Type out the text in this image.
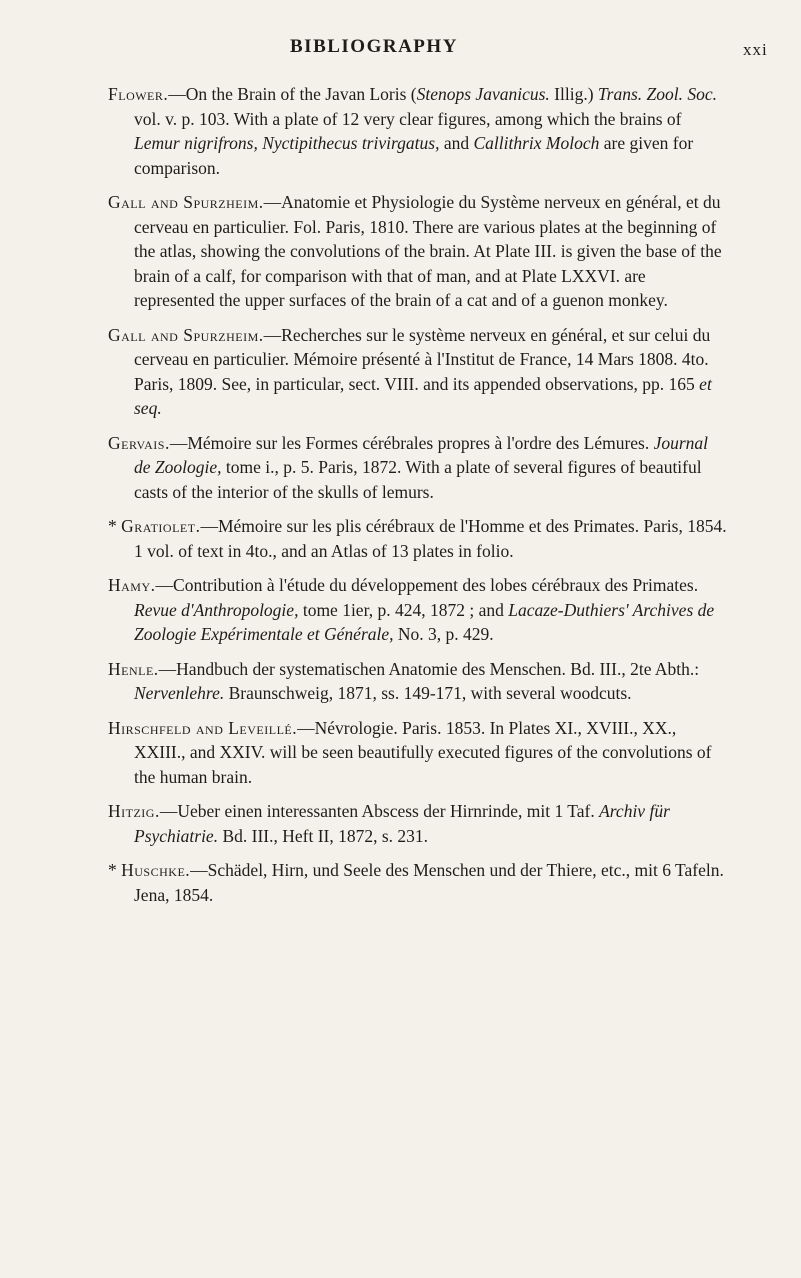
BIBLIOGRAPHY	xxi

Flower.—On the Brain of the Javan Loris (Stenops Javanicus. Illig.) Trans. Zool. Soc. vol. v. p. 103. With a plate of 12 very clear figures, among which the brains of Lemur nigrifrons, Nyctipithecus trivirgatus, and Callithrix Moloch are given for comparison.

Gall and Spurzheim.—Anatomie et Physiologie du Système nerveux en général, et du cerveau en particulier. Fol. Paris, 1810. There are various plates at the beginning of the atlas, showing the convolutions of the brain. At Plate III. is given the base of the brain of a calf, for comparison with that of man, and at Plate LXXVI. are represented the upper surfaces of the brain of a cat and of a guenon monkey.

Gall and Spurzheim.—Recherches sur le système nerveux en général, et sur celui du cerveau en particulier. Mémoire présenté à l'Institut de France, 14 Mars 1808. 4to. Paris, 1809. See, in particular, sect. VIII. and its appended observations, pp. 165 et seq.

Gervais.—Mémoire sur les Formes cérébrales propres à l'ordre des Lémures. Journal de Zoologie, tome i., p. 5. Paris, 1872. With a plate of several figures of beautiful casts of the interior of the skulls of lemurs.

* Gratiolet.—Mémoire sur les plis cérébraux de l'Homme et des Primates. Paris, 1854. 1 vol. of text in 4to., and an Atlas of 13 plates in folio.

Hamy.—Contribution à l'étude du développement des lobes cérébraux des Primates. Revue d'Anthropologie, tome 1ier, p. 424, 1872 ; and Lacaze-Duthiers' Archives de Zoologie Expérimentale et Générale, No. 3, p. 429.

Henle.—Handbuch der systematischen Anatomie des Menschen. Bd. III., 2te Abth.: Nervenlehre. Braunschweig, 1871, ss. 149-171, with several woodcuts.

Hirschfeld and Leveillé.—Névrologie. Paris. 1853. In Plates XI., XVIII., XX., XXIII., and XXIV. will be seen beautifully executed figures of the convolutions of the human brain.

Hitzig.—Ueber einen interessanten Abscess der Hirnrinde, mit 1 Taf. Archiv für Psychiatrie. Bd. III., Heft II, 1872, s. 231.

* Huschke.—Schädel, Hirn, und Seele des Menschen und der Thiere, etc., mit 6 Tafeln. Jena, 1854.
